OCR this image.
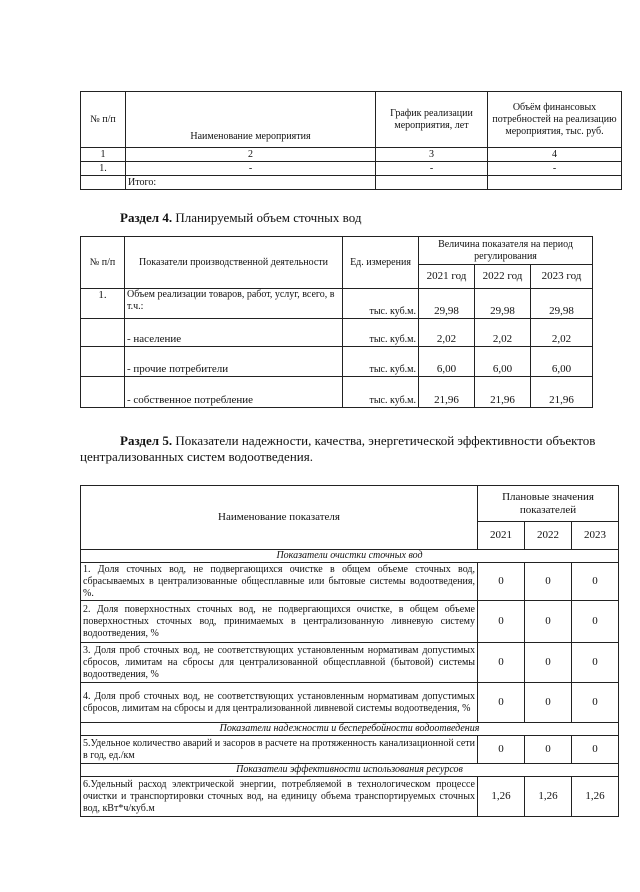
№ п/п	Наименование мероприятия	График реализации мероприятия, лет	Объём финансовых потребностей на реализацию мероприятия, тыс. руб.
1	2	3	4
1.	-	-	-
	Итого:		
Раздел 4. Планируемый объем сточных вод
№ п/п	Показатели производственной деятельности	Ед. измерения	Величина показателя на период регулирования		
			2021 год	2022 год	2023 год
1.	Объем реализации товаров, работ, услуг, всего, в т.ч.:	тыс. куб.м.	29,98	29,98	29,98
	- население	тыс. куб.м.	2,02	2,02	2,02
	- прочие потребители	тыс. куб.м.	6,00	6,00	6,00
	- собственное потребление	тыс. куб.м.	21,96	21,96	21,96
Раздел 5. Показатели надежности, качества, энергетической эффективности объектов централизованных систем водоотведения.
Наименование показателя	Плановые значения показателей		
	2021	2022	2023
Показатели очистки сточных вод			
1. Доля сточных вод, не подвергающихся очистке в общем объеме сточных вод, сбрасываемых в централизованные общесплавные или бытовые системы водоотведения, %.	0	0	0
2. Доля поверхностных сточных вод, не подвергающихся очистке, в общем объеме поверхностных сточных вод, принимаемых в централизованную ливневую систему водоотведения, %	0	0	0
3. Доля проб сточных вод, не соответствующих установленным нормативам допустимых сбросов, лимитам на сбросы для централизованной общесплавной (бытовой) системы водоотведения, %	0	0	0
4. Доля проб сточных вод, не соответствующих установленным нормативам допустимых сбросов, лимитам на сбросы и для централизованной ливневой системы водоотведения, %	0	0	0
Показатели надежности и бесперебойности водоотведения			
5.Удельное количество аварий и засоров в расчете на протяженность канализационной сети в год, ед./км	0	0	0
Показатели эффективности использования ресурсов			
6.Удельный расход электрической энергии, потребляемой в технологическом процессе очистки и транспортировки сточных вод, на единицу объема транспортируемых сточных вод, кВт*ч/куб.м	1,26	1,26	1,26
